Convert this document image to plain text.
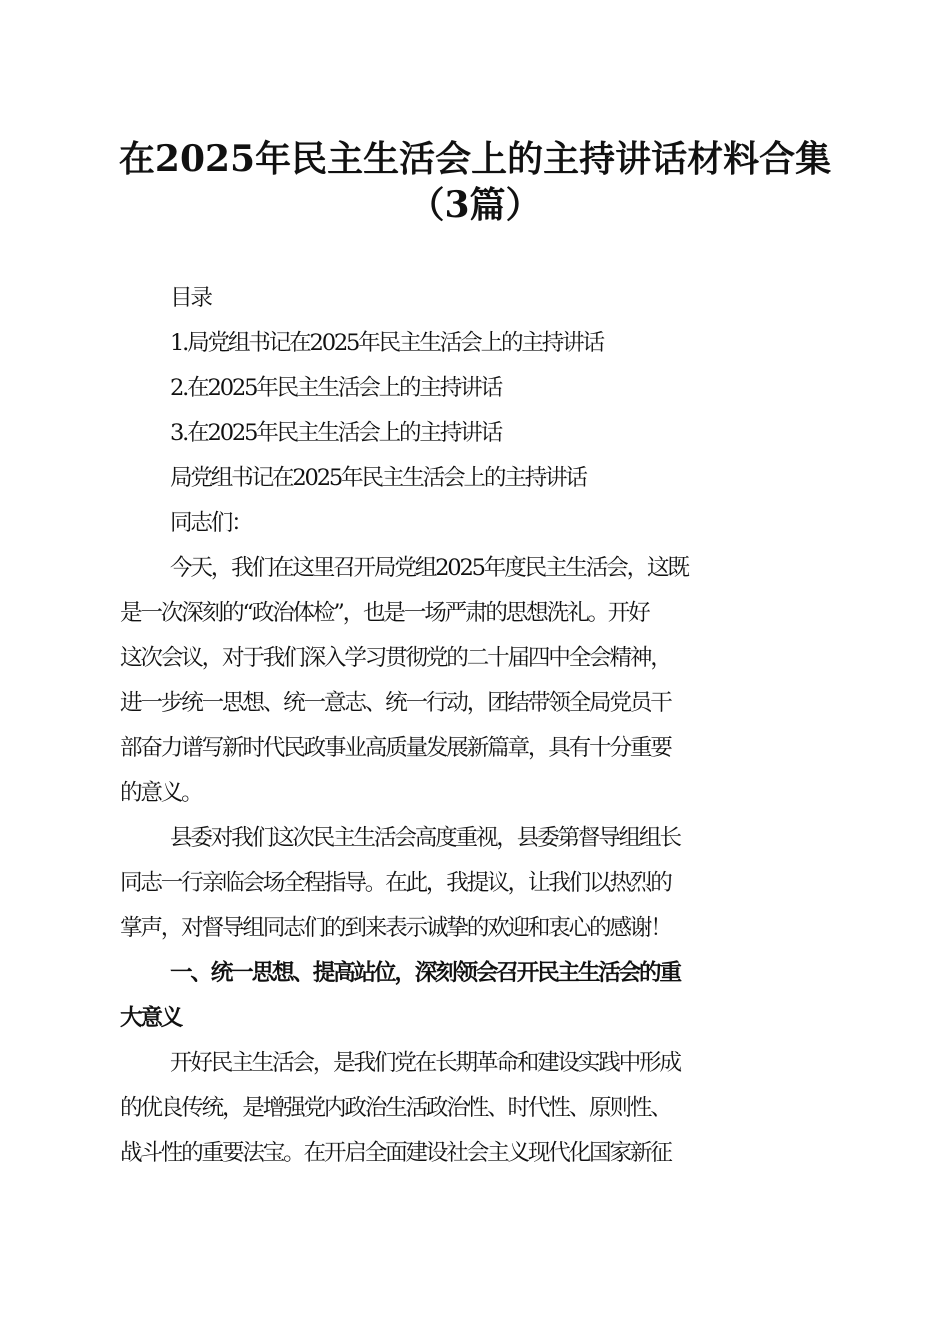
在2025年民主生活会上的主持讲话材料合集
（3篇）

目录

1.局党组书记在2025年民主生活会上的主持讲话

2.在2025年民主生活会上的主持讲话

3.在2025年民主生活会上的主持讲话

局党组书记在2025年民主生活会上的主持讲话

同志们：

今天，我们在这里召开局党组2025年度民主生活会，这既

是一次深刻的“政治体检”，也是一场严肃的思想洗礼。开好

这次会议，对于我们深入学习贯彻党的二十届四中全会精神，

进一步统一思想、统一意志、统一行动，团结带领全局党员干

部奋力谱写新时代民政事业高质量发展新篇章，具有十分重要

的意义。

县委对我们这次民主生活会高度重视，县委第督导组组长

同志一行亲临会场全程指导。在此，我提议，让我们以热烈的

掌声，对督导组同志们的到来表示诚挚的欢迎和衷心的感谢！

一、统一思想、提高站位，深刻领会召开民主生活会的重

大意义

开好民主生活会，是我们党在长期革命和建设实践中形成

的优良传统，是增强党内政治生活政治性、时代性、原则性、

战斗性的重要法宝。在开启全面建设社会主义现代化国家新征
